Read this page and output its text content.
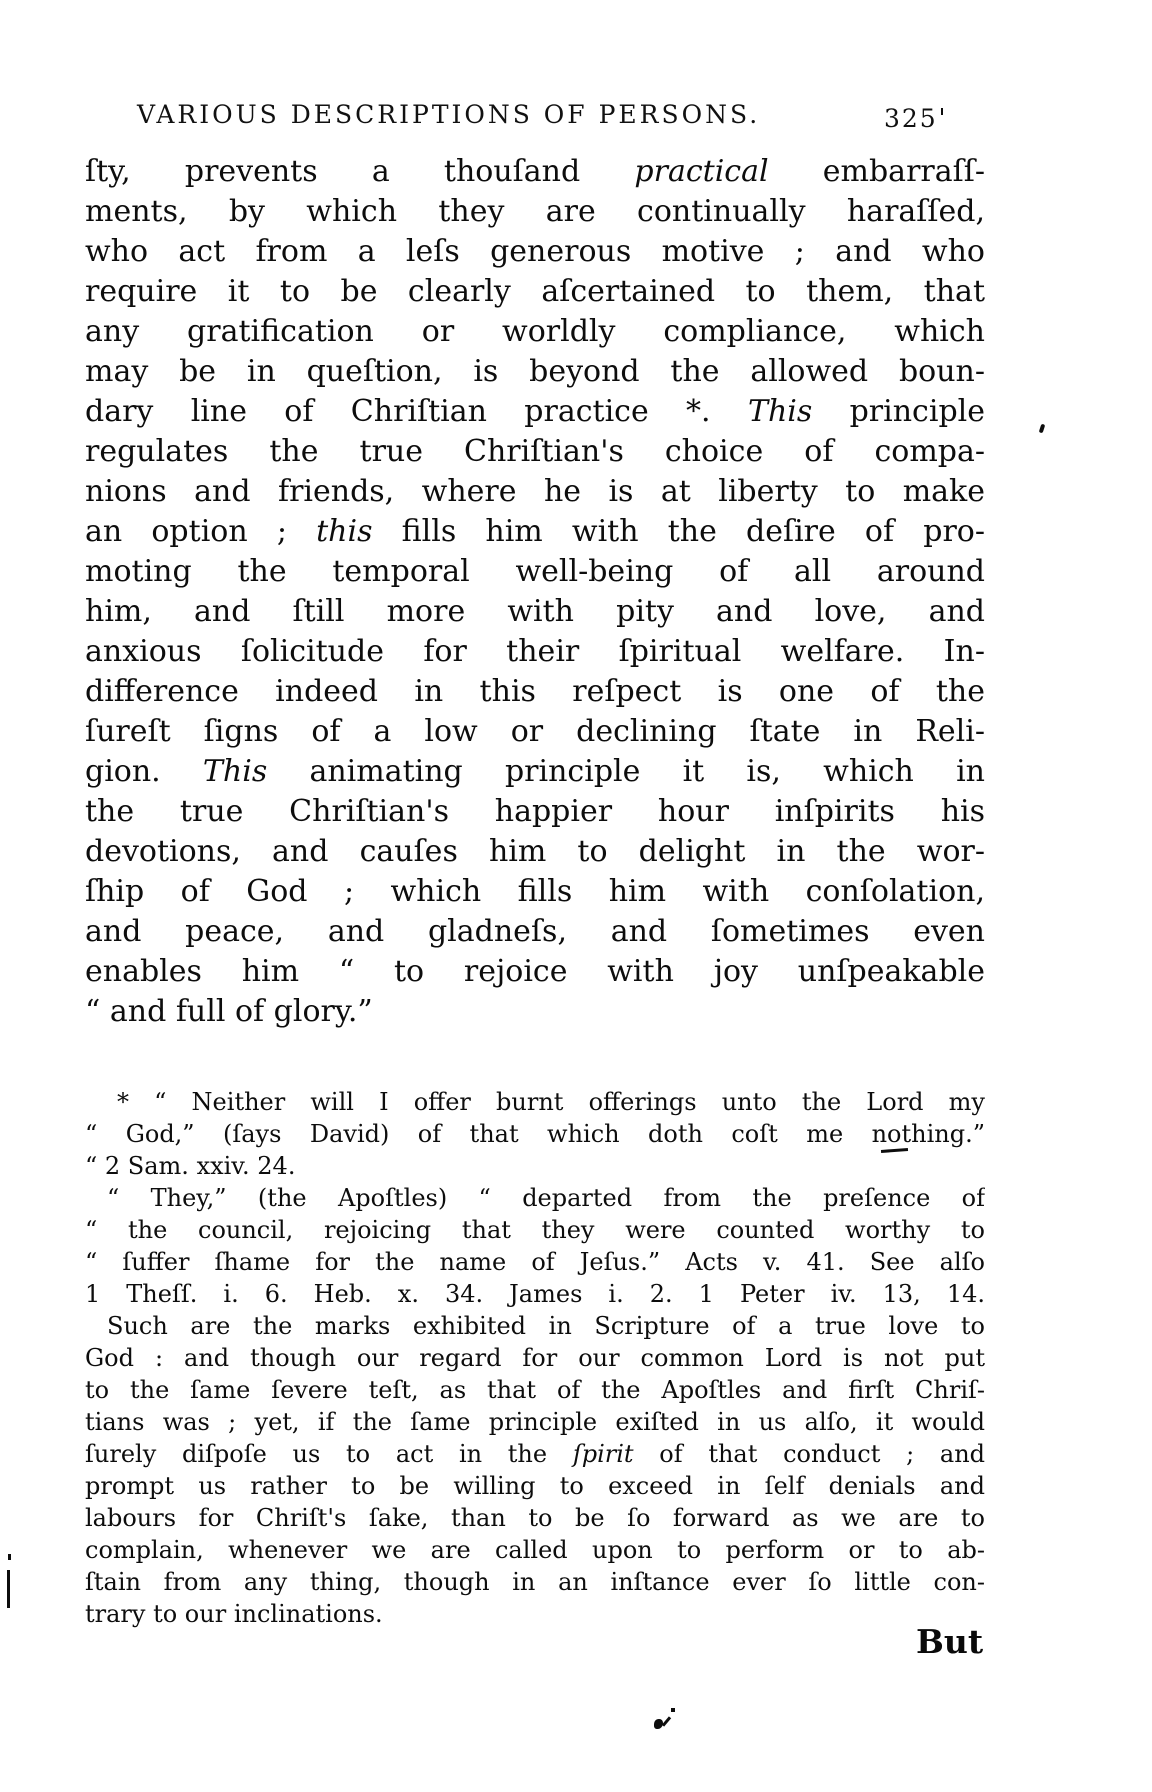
VARIOUS DESCRIPTIONS OF PERSONS.	325
ſty, prevents a thouſand practical embarraſſ-
ments, by which they are continually haraſſed,
who act from a leſs generous motive ; and who
require it to be clearly aſcertained to them, that
any gratification or worldly compliance, which
may be in queſtion, is beyond the allowed boun-
dary line of Chriſtian practice *. This principle
regulates the true Chriſtian's choice of compa-
nions and friends, where he is at liberty to make
an option ; this fills him with the deſire of pro-
moting the temporal well-being of all around
him, and ſtill more with pity and love, and
anxious ſolicitude for their ſpiritual welfare. In-
difference indeed in this reſpect is one of the
ſureſt ſigns of a low or declining ſtate in Reli-
gion. This animating principle it is, which in
the true Chriſtian's happier hour inſpirits his
devotions, and cauſes him to delight in the wor-
ſhip of God ; which fills him with conſolation,
and peace, and gladneſs, and ſometimes even
enables him “ to rejoice with joy unſpeakable
“ and full of glory.”
* “ Neither will I offer burnt offerings unto the Lord my
“ God,” (ſays David) of that which doth coſt me nothing.”
“ 2 Sam. xxiv. 24.
“ They,” (the Apoſtles) “ departed from the preſence of
“ the council, rejoicing that they were counted worthy to
“ ſuffer ſhame for the name of Jeſus.” Acts v. 41. See alſo
1 Theſſ. i. 6. Heb. x. 34. James i. 2. 1 Peter iv. 13, 14.
Such are the marks exhibited in Scripture of a true love to
God : and though our regard for our common Lord is not put
to the ſame ſevere teſt, as that of the Apoſtles and firſt Chriſ-
tians was ; yet, if the ſame principle exiſted in us alſo, it would
ſurely diſpoſe us to act in the ſpirit of that conduct ; and
prompt us rather to be willing to exceed in ſelf denials and
labours for Chriſt's ſake, than to be ſo forward as we are to
complain, whenever we are called upon to perform or to ab-
ſtain from any thing, though in an inſtance ever ſo little con-
trary to our inclinations.
But
